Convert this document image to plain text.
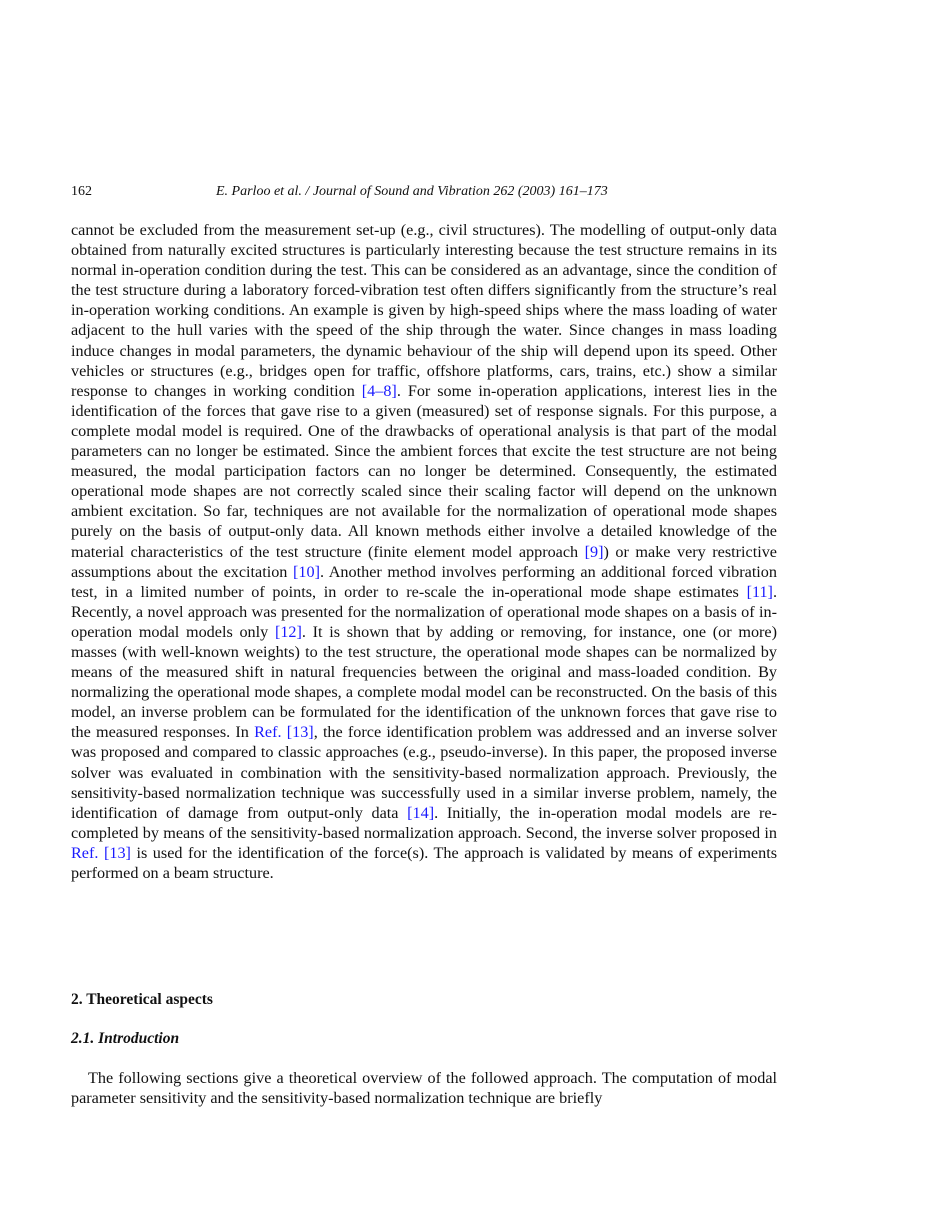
162	E. Parloo et al. / Journal of Sound and Vibration 262 (2003) 161–173

cannot be excluded from the measurement set-up (e.g., civil structures). The modelling of output-only data obtained from naturally excited structures is particularly interesting because the test structure remains in its normal in-operation condition during the test. This can be considered as an advantage, since the condition of the test structure during a laboratory forced-vibration test often differs significantly from the structure’s real in-operation working conditions. An example is given by high-speed ships where the mass loading of water adjacent to the hull varies with the speed of the ship through the water. Since changes in mass loading induce changes in modal parameters, the dynamic behaviour of the ship will depend upon its speed. Other vehicles or structures (e.g., bridges open for traffic, offshore platforms, cars, trains, etc.) show a similar response to changes in working condition [4–8]. For some in-operation applications, interest lies in the identification of the forces that gave rise to a given (measured) set of response signals. For this purpose, a complete modal model is required. One of the drawbacks of operational analysis is that part of the modal parameters can no longer be estimated. Since the ambient forces that excite the test structure are not being measured, the modal participation factors can no longer be determined. Consequently, the estimated operational mode shapes are not correctly scaled since their scaling factor will depend on the unknown ambient excitation. So far, techniques are not available for the normalization of operational mode shapes purely on the basis of output-only data. All known methods either involve a detailed knowledge of the material characteristics of the test structure (finite element model approach [9]) or make very restrictive assumptions about the excitation [10]. Another method involves performing an additional forced vibration test, in a limited number of points, in order to re-scale the in-operational mode shape estimates [11]. Recently, a novel approach was presented for the normalization of operational mode shapes on a basis of in-operation modal models only [12]. It is shown that by adding or removing, for instance, one (or more) masses (with well-known weights) to the test structure, the operational mode shapes can be normalized by means of the measured shift in natural frequencies between the original and mass-loaded condition. By normalizing the operational mode shapes, a complete modal model can be reconstructed. On the basis of this model, an inverse problem can be formulated for the identification of the unknown forces that gave rise to the measured responses. In Ref. [13], the force identification problem was addressed and an inverse solver was proposed and compared to classic approaches (e.g., pseudo-inverse). In this paper, the proposed inverse solver was evaluated in combination with the sensitivity-based normalization approach. Previously, the sensitivity-based normalization technique was successfully used in a similar inverse problem, namely, the identification of damage from output-only data [14]. Initially, the in-operation modal models are re-completed by means of the sensitivity-based normalization approach. Second, the inverse solver proposed in Ref. [13] is used for the identification of the force(s). The approach is validated by means of experiments performed on a beam structure.

2. Theoretical aspects
2.1. Introduction

The following sections give a theoretical overview of the followed approach. The computation of modal parameter sensitivity and the sensitivity-based normalization technique are briefly
